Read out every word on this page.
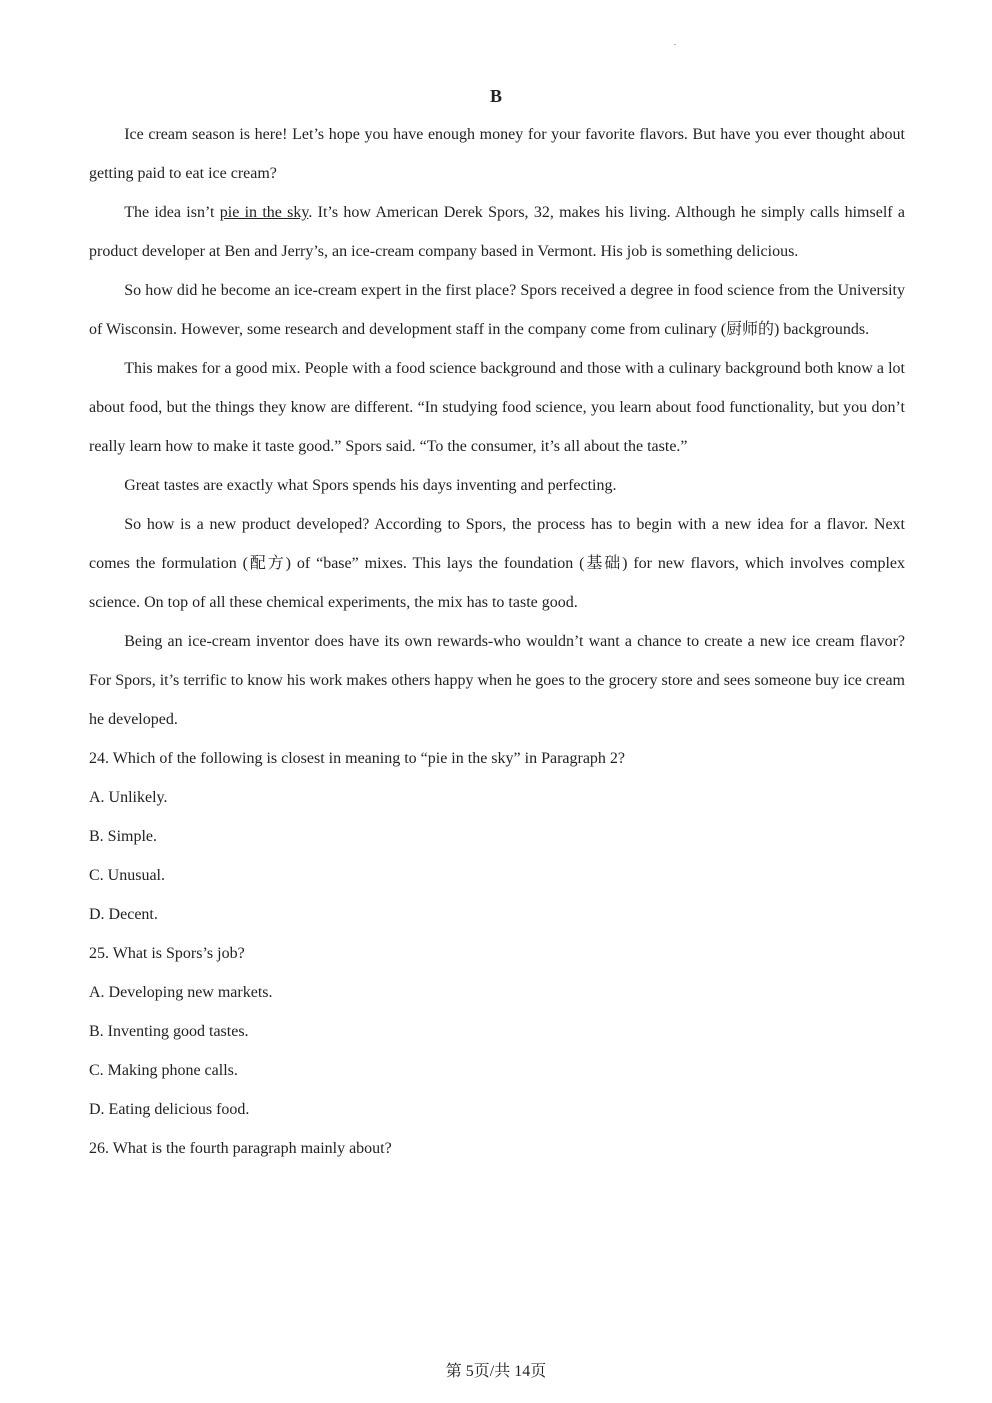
B

Ice cream season is here! Let’s hope you have enough money for your favorite flavors. But have you ever thought about getting paid to eat ice cream?

The idea isn’t pie in the sky. It’s how American Derek Spors, 32, makes his living. Although he simply calls himself a product developer at Ben and Jerry’s, an ice-cream company based in Vermont. His job is something delicious.

So how did he become an ice-cream expert in the first place? Spors received a degree in food science from the University of Wisconsin. However, some research and development staff in the company come from culinary (厨师的) backgrounds.

This makes for a good mix. People with a food science background and those with a culinary background both know a lot about food, but the things they know are different. “In studying food science, you learn about food functionality, but you don’t really learn how to make it taste good.” Spors said. “To the consumer, it’s all about the taste.”

Great tastes are exactly what Spors spends his days inventing and perfecting.

So how is a new product developed? According to Spors, the process has to begin with a new idea for a flavor. Next comes the formulation (配方) of “base” mixes. This lays the foundation (基础) for new flavors, which involves complex science. On top of all these chemical experiments, the mix has to taste good.

Being an ice-cream inventor does have its own rewards-who wouldn’t want a chance to create a new ice cream flavor? For Spors, it’s terrific to know his work makes others happy when he goes to the grocery store and sees someone buy ice cream he developed.

24. Which of the following is closest in meaning to “pie in the sky” in Paragraph 2?
A. Unlikely.
B. Simple.
C. Unusual.
D. Decent.
25. What is Spors’s job?
A. Developing new markets.
B. Inventing good tastes.
C. Making phone calls.
D. Eating delicious food.
26. What is the fourth paragraph mainly about?
第 5页/共 14页
